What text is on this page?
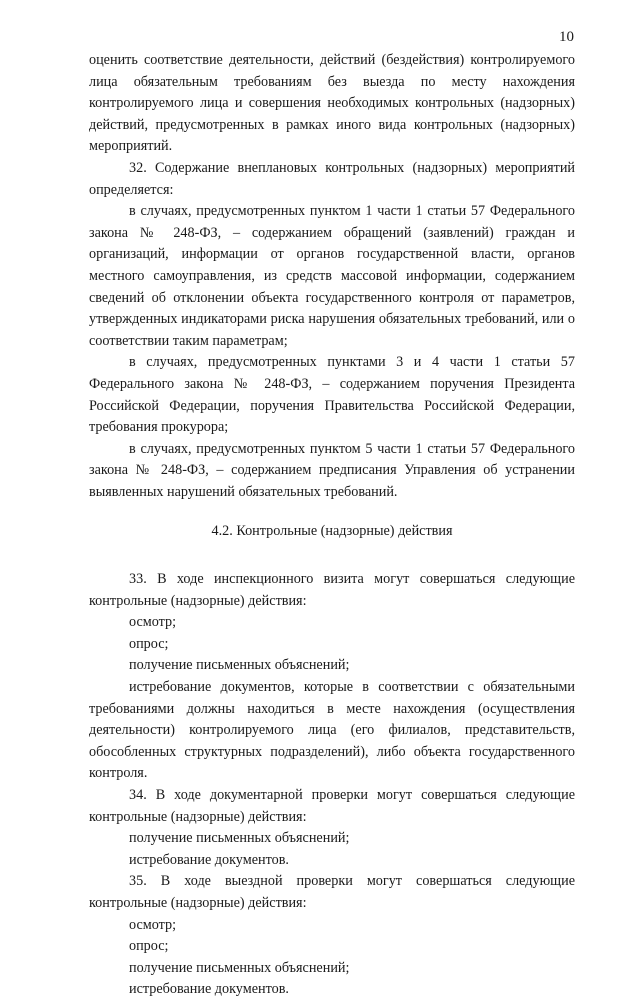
10

оценить соответствие деятельности, действий (бездействия) контролируемого лица обязательным требованиям без выезда по месту нахождения контролируемого лица и совершения необходимых контрольных (надзорных) действий, предусмотренных в рамках иного вида контрольных (надзорных) мероприятий.

32. Содержание внеплановых контрольных (надзорных) мероприятий определяется:

в случаях, предусмотренных пунктом 1 части 1 статьи 57 Федерального закона № 248-ФЗ, – содержанием обращений (заявлений) граждан и организаций, информации от органов государственной власти, органов местного самоуправления, из средств массовой информации, содержанием сведений об отклонении объекта государственного контроля от параметров, утвержденных индикаторами риска нарушения обязательных требований, или о соответствии таким параметрам;

в случаях, предусмотренных пунктами 3 и 4 части 1 статьи 57 Федерального закона № 248-ФЗ, – содержанием поручения Президента Российской Федерации, поручения Правительства Российской Федерации, требования прокурора;

в случаях, предусмотренных пунктом 5 части 1 статьи 57 Федерального закона № 248-ФЗ, – содержанием предписания Управления об устранении выявленных нарушений обязательных требований.

4.2. Контрольные (надзорные) действия

33. В ходе инспекционного визита могут совершаться следующие контрольные (надзорные) действия:

осмотр;

опрос;

получение письменных объяснений;

истребование документов, которые в соответствии с обязательными требованиями должны находиться в месте нахождения (осуществления деятельности) контролируемого лица (его филиалов, представительств, обособленных структурных подразделений), либо объекта государственного контроля.

34. В ходе документарной проверки могут совершаться следующие контрольные (надзорные) действия:

получение письменных объяснений;

истребование документов.

35. В ходе выездной проверки могут совершаться следующие контрольные (надзорные) действия:

осмотр;

опрос;

получение письменных объяснений;

истребование документов.
